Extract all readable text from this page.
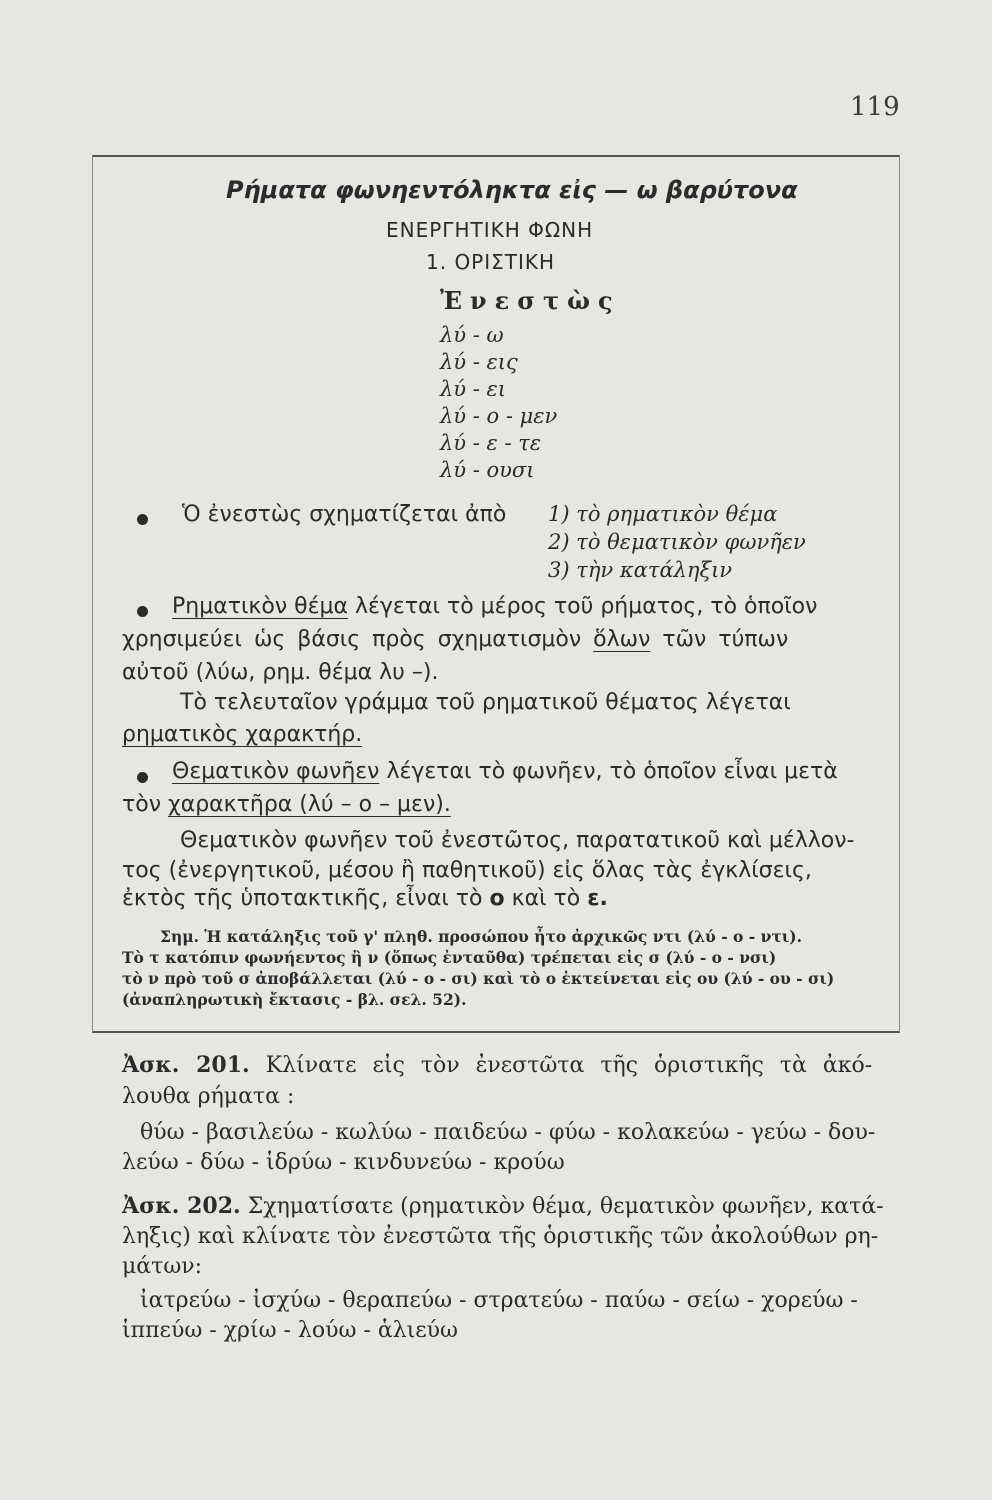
119
Ρήματα φωνηεντόληκτα εἰς — ω βαρύτονα
ΕΝΕΡΓΗΤΙΚΗ ΦΩΝΗ
1. ΟΡΙΣΤΙΚΗ
Ἐνεστὼς
λύ - ω
λύ - εις
λύ - ει
λύ - ο - μεν
λύ - ε - τε
λύ - ουσι
Ὁ ἐνεστὼς σχηματίζεται ἀπὸ 1) τὸ ρηματικὸν θέμα
2) τὸ θεματικὸν φωνῆεν
3) τὴν κατάληξιν
Ρηματικὸν θέμα λέγεται τὸ μέρος τοῦ ρήματος, τὸ ὁποῖον
χρησιμεύει ὡς βάσις πρὸς σχηματισμὸν ὅλων τῶν τύπων
αὐτοῦ (λύω, ρημ. θέμα λυ –).
Τὸ τελευταῖον γράμμα τοῦ ρηματικοῦ θέματος λέγεται
ρηματικὸς χαρακτήρ.
Θεματικὸν φωνῆεν λέγεται τὸ φωνῆεν, τὸ ὁποῖον εἶναι μετὰ
τὸν χαρακτῆρα (λύ – ο – μεν).
Θεματικὸν φωνῆεν τοῦ ἐνεστῶτος, παρατατικοῦ καὶ μέλλον-
τος (ἐνεργητικοῦ, μέσου ἢ παθητικοῦ) εἰς ὅλας τὰς ἐγκλίσεις,
ἐκτὸς τῆς ὑποτακτικῆς, εἶναι τὸ ο καὶ τὸ ε.
Σημ. Ἡ κατάληξις τοῦ γ' πληθ. προσώπου ἦτο ἀρχικῶς ντι (λύ - ο - ντι).
Τὸ τ κατόπιν φωνήεντος ἢ ν (ὅπως ἐνταῦθα) τρέπεται εἰς σ (λύ - ο - νσι)
τὸ ν πρὸ τοῦ σ ἀποβάλλεται (λύ - ο - σι) καὶ τὸ ο ἐκτείνεται εἰς ου (λύ - ου - σι)
(ἀναπληρωτικὴ ἔκτασις - βλ. σελ. 52).
Ἀσκ. 201. Κλίνατε εἰς τὸν ἐνεστῶτα τῆς ὁριστικῆς τὰ ἀκό-
λουθα ρήματα :
θύω - βασιλεύω - κωλύω - παιδεύω - φύω - κολακεύω - γεύω - δου-
λεύω - δύω - ἱδρύω - κινδυνεύω - κρούω
Ἀσκ. 202. Σχηματίσατε (ρηματικὸν θέμα, θεματικὸν φωνῆεν, κατά-
ληξις) καὶ κλίνατε τὸν ἐνεστῶτα τῆς ὁριστικῆς τῶν ἀκολούθων ρη-
μάτων:
ἰατρεύω - ἰσχύω - θεραπεύω - στρατεύω - παύω - σείω - χορεύω -
ἱππεύω - χρίω - λούω - ἁλιεύω
